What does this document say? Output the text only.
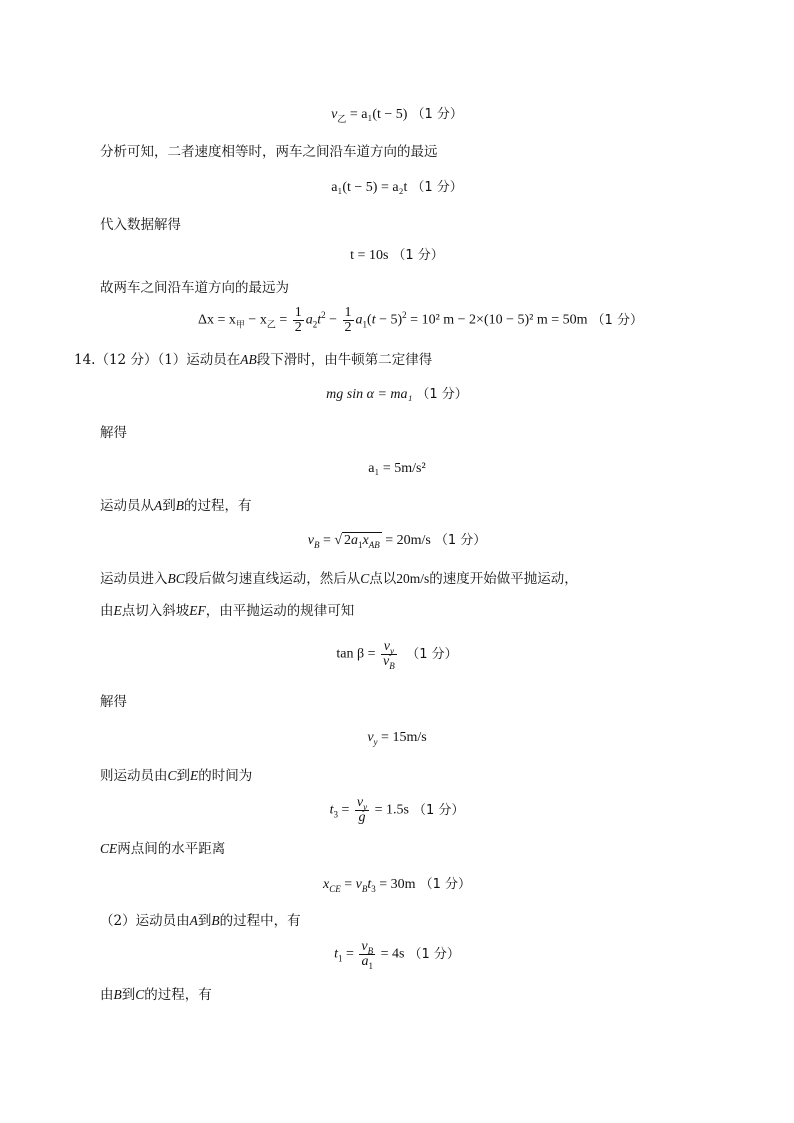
$v_乙 = a_1(t - 5)$ （1 分）
分析可知，二者速度相等时，两车之间沿车道方向的最远
a₁(t − 5) = a₂t （1 分）
代入数据解得
t = 10s （1 分）
故两车之间沿车道方向的最远为
$\Delta x = x_甲 - x_乙 = \frac{1}{2} a_2t^2 - \frac{1}{2} a_1(t - 5)^2 = 10^2$ m − 2×(10 − 5)² m = 50m （1 分）
14.（12 分）（1）运动员在AB段下滑时，由牛顿第二定律得
mg sin α = ma₁ （1 分）
解得
a₁ = 5m/s²
运动员从A到B的过程，有
$v_B$ = √ $2a_1x_{AB} = 20m/s$ （1 分）
运动员进入BC段后做匀速直线运动，然后从C点以20m/s的速度开始做平抛运动，
由E点切入斜坡EF，由平抛运动的规律可知
$\tan \beta = \frac{v_y}{v_B} (1$ 分）
解得
$v_y = 15m/s$
则运动员由C到E的时间为
$t_3 = \frac{v_y}{g} = 1.5s$ （1 分）
CE两点间的水平距离
$x_{CE} = v_Bt_3 = 30m$ （1 分）
（2）运动员由A到B的过程中，有
$t_1 = \frac{v_B}{a_1} = 4s$ （1 分）
由B到C的过程，有
